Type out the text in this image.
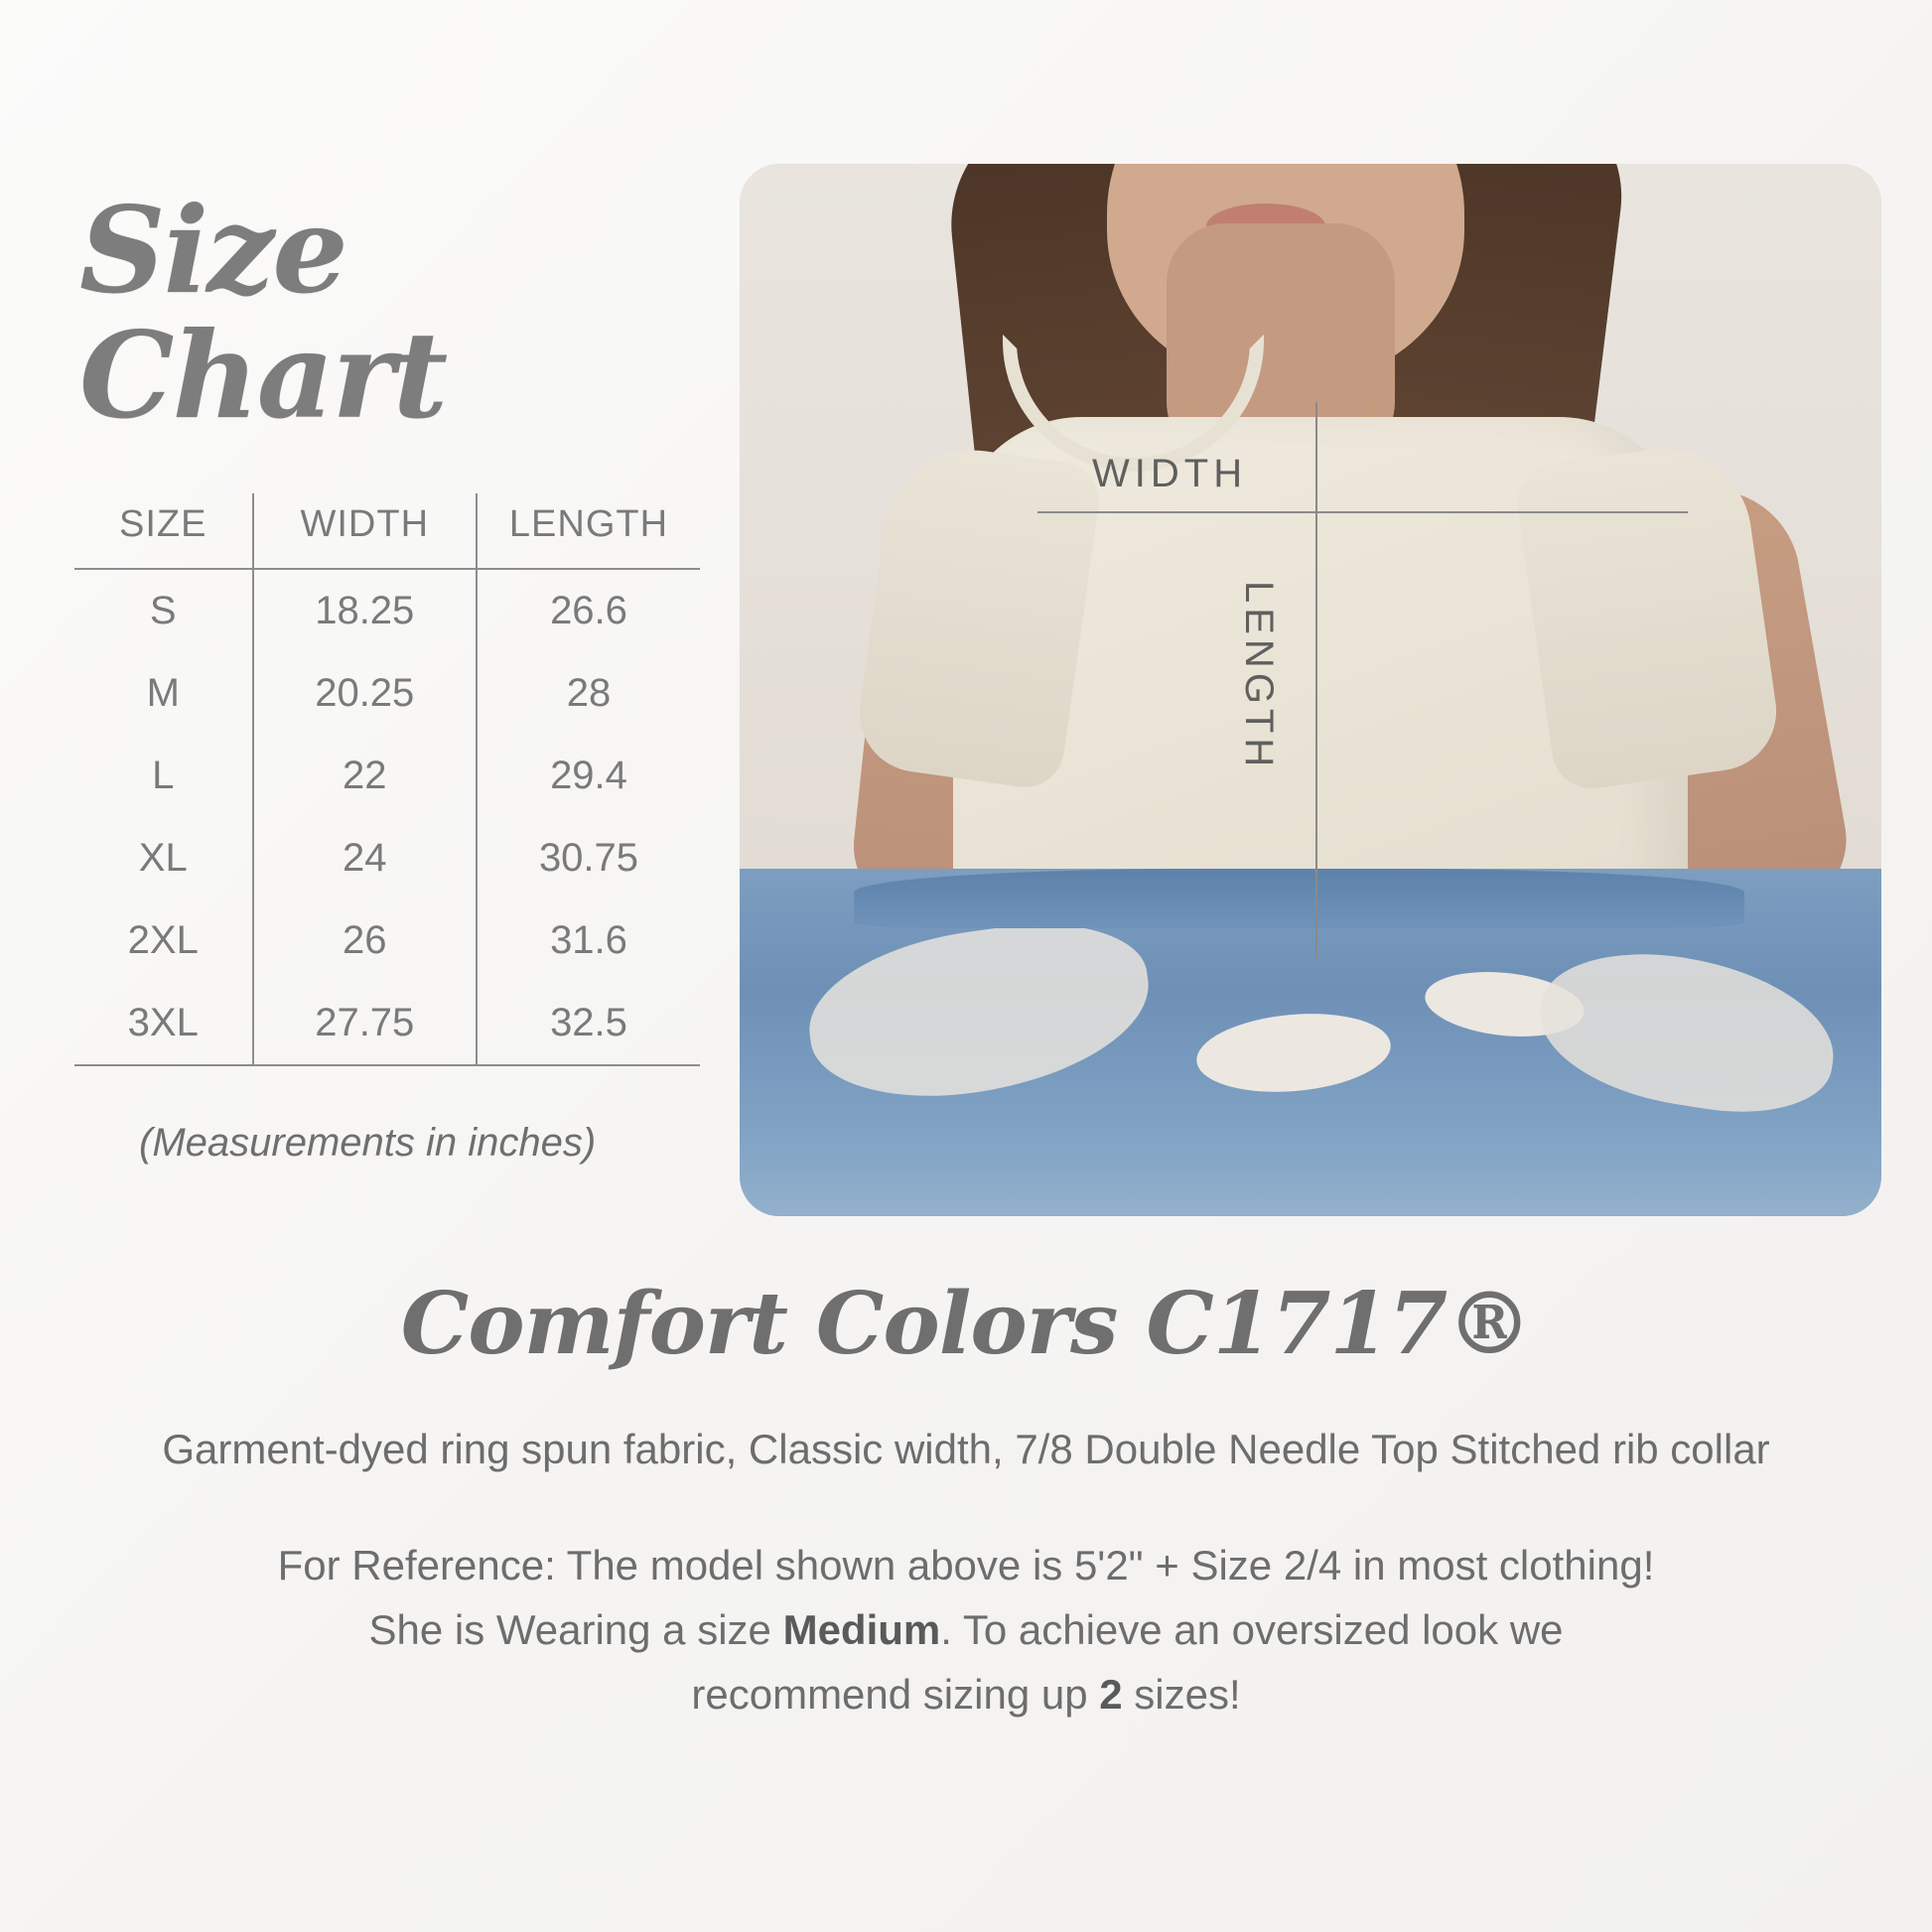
Size Chart
SIZE	WIDTH	LENGTH
S	18.25	26.6
M	20.25	28
L	22	29.4
XL	24	30.75
2XL	26	31.6
3XL	27.75	32.5
(Measurements in inches)
WIDTH
LENGTH
Comfort Colors C1717®
Garment-dyed ring spun fabric, Classic width, 7/8 Double Needle Top Stitched rib collar
For Reference: The model shown above is 5'2" + Size 2/4 in most clothing!
She is Wearing a size Medium. To achieve an oversized look we
recommend sizing up 2 sizes!
